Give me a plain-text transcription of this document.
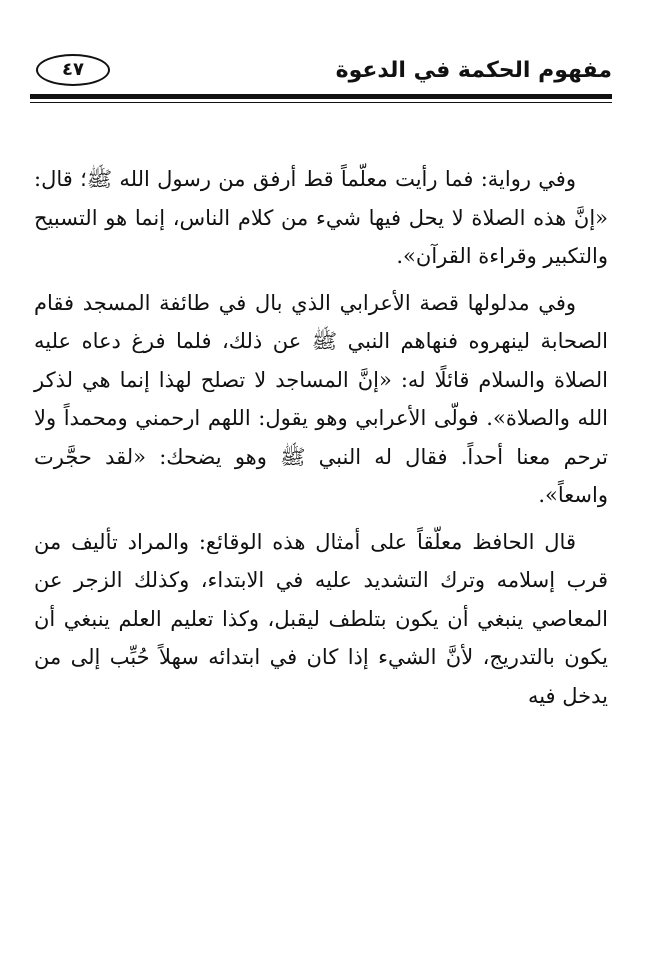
مفهوم الحكمة في الدعوة
٤٧

وفي رواية: فما رأيت معلّماً قط أرفق من رسول الله ﷺ؛ قال: «إنَّ هذه الصلاة لا يحل فيها شيء من كلام الناس، إنما هو التسبيح والتكبير وقراءة القرآن».

وفي مدلولها قصة الأعرابي الذي بال في طائفة المسجد فقام الصحابة لينهروه فنهاهم النبي ﷺ عن ذلك، فلما فرغ دعاه عليه الصلاة والسلام قائلًا له: «إنَّ المساجد لا تصلح لهذا إنما هي لذكر الله والصلاة». فولّى الأعرابي وهو يقول: اللهم ارحمني ومحمداً ولا ترحم معنا أحداً. فقال له النبي ﷺ وهو يضحك: «لقد حجَّرت واسعاً».

قال الحافظ معلّقاً على أمثال هذه الوقائع: والمراد تأليف من قرب إسلامه وترك التشديد عليه في الابتداء، وكذلك الزجر عن المعاصي ينبغي أن يكون بتلطف ليقبل، وكذا تعليم العلم ينبغي أن يكون بالتدريج، لأنَّ الشيء إذا كان في ابتدائه سهلاً حُبِّب إلى من يدخل فيه
